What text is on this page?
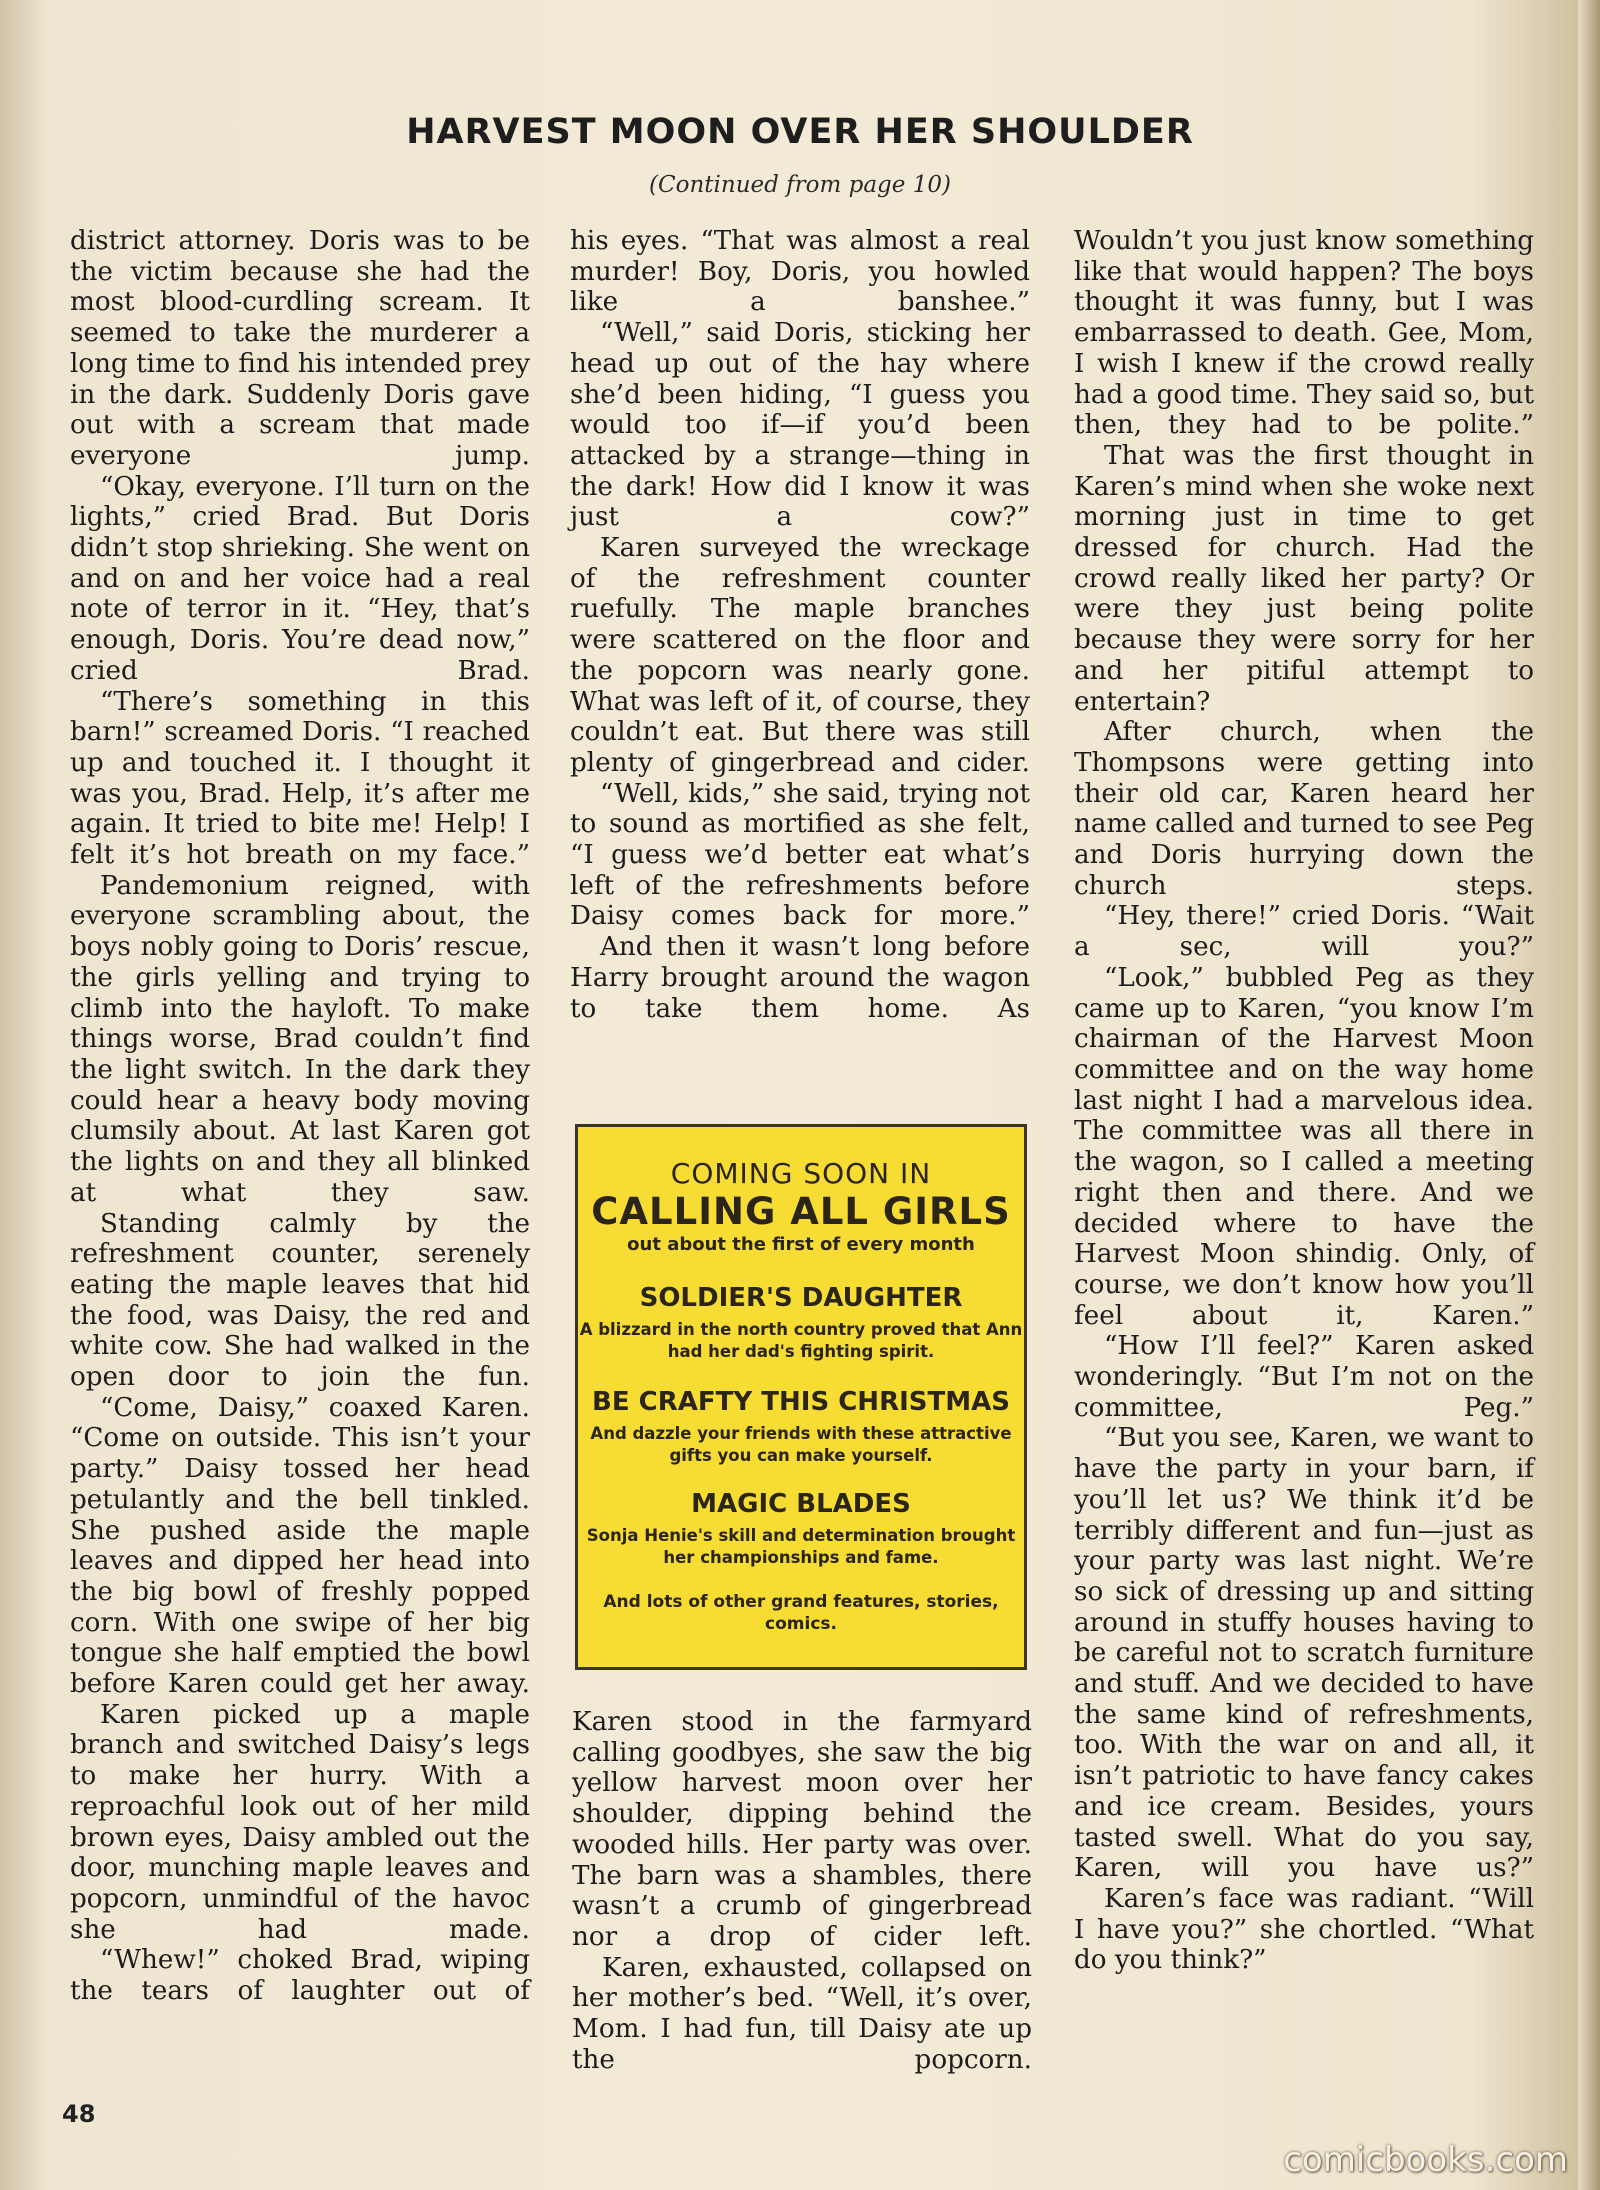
HARVEST MOON OVER HER SHOULDER
(Continued from page 10)

district attorney. Doris was to be the victim because she had the most blood-curdling scream. It seemed to take the murderer a long time to find his intended prey in the dark. Suddenly Doris gave out with a scream that made everyone jump.

“Okay, everyone. I’ll turn on the lights,” cried Brad. But Doris didn’t stop shrieking. She went on and on and her voice had a real note of terror in it. “Hey, that’s enough, Doris. You’re dead now,” cried Brad.

“There’s something in this barn!” screamed Doris. “I reached up and touched it. I thought it was you, Brad. Help, it’s after me again. It tried to bite me! Help! I felt it’s hot breath on my face.”

Pandemonium reigned, with everyone scrambling about, the boys nobly going to Doris’ rescue, the girls yelling and trying to climb into the hayloft. To make things worse, Brad couldn’t find the light switch. In the dark they could hear a heavy body moving clumsily about. At last Karen got the lights on and they all blinked at what they saw.

Standing calmly by the refreshment counter, serenely eating the maple leaves that hid the food, was Daisy, the red and white cow. She had walked in the open door to join the fun.

“Come, Daisy,” coaxed Karen. “Come on outside. This isn’t your party.” Daisy tossed her head petulantly and the bell tinkled. She pushed aside the maple leaves and dipped her head into the big bowl of freshly popped corn. With one swipe of her big tongue she half emptied the bowl before Karen could get her away.

Karen picked up a maple branch and switched Daisy’s legs to make her hurry. With a reproachful look out of her mild brown eyes, Daisy ambled out the door, munching maple leaves and popcorn, unmindful of the havoc she had made.

“Whew!” choked Brad, wiping the tears of laughter out of

his eyes. “That was almost a real murder! Boy, Doris, you howled like a banshee.”

“Well,” said Doris, sticking her head up out of the hay where she’d been hiding, “I guess you would too if—if you’d been attacked by a strange—thing in the dark! How did I know it was just a cow?”

Karen surveyed the wreckage of the refreshment counter ruefully. The maple branches were scattered on the floor and the popcorn was nearly gone. What was left of it, of course, they couldn’t eat. But there was still plenty of gingerbread and cider.

“Well, kids,” she said, trying not to sound as mortified as she felt, “I guess we’d better eat what’s left of the refreshments before Daisy comes back for more.”

And then it wasn’t long before Harry brought around the wagon to take them home. As

COMING SOON IN
CALLING ALL GIRLS
out about the first of every month
SOLDIER'S DAUGHTER
A blizzard in the north country proved that Ann had her dad's fighting spirit.
BE CRAFTY THIS CHRISTMAS
And dazzle your friends with these attractive gifts you can make yourself.
MAGIC BLADES
Sonja Henie's skill and determination brought her championships and fame.
And lots of other grand features, stories, comics.

Karen stood in the farmyard calling goodbyes, she saw the big yellow harvest moon over her shoulder, dipping behind the wooded hills. Her party was over. The barn was a shambles, there wasn’t a crumb of gingerbread nor a drop of cider left.

Karen, exhausted, collapsed on her mother’s bed. “Well, it’s over, Mom. I had fun, till Daisy ate up the popcorn.

Wouldn’t you just know something like that would happen? The boys thought it was funny, but I was embarrassed to death. Gee, Mom, I wish I knew if the crowd really had a good time. They said so, but then, they had to be polite.”

That was the first thought in Karen’s mind when she woke next morning just in time to get dressed for church. Had the crowd really liked her party? Or were they just being polite because they were sorry for her and her pitiful attempt to entertain?

After church, when the Thompsons were getting into their old car, Karen heard her name called and turned to see Peg and Doris hurrying down the church steps.

“Hey, there!” cried Doris. “Wait a sec, will you?”

“Look,” bubbled Peg as they came up to Karen, “you know I’m chairman of the Harvest Moon committee and on the way home last night I had a marvelous idea. The committee was all there in the wagon, so I called a meeting right then and there. And we decided where to have the Harvest Moon shindig. Only, of course, we don’t know how you’ll feel about it, Karen.”

“How I’ll feel?” Karen asked wonderingly. “But I’m not on the committee, Peg.”

“But you see, Karen, we want to have the party in your barn, if you’ll let us? We think it’d be terribly different and fun—just as your party was last night. We’re so sick of dressing up and sitting around in stuffy houses having to be careful not to scratch furniture and stuff. And we decided to have the same kind of refreshments, too. With the war on and all, it isn’t patriotic to have fancy cakes and ice cream. Besides, yours tasted swell. What do you say, Karen, will you have us?”

Karen’s face was radiant. “Will I have you?” she chortled. “What do you think?”

48
comicbooks.com
